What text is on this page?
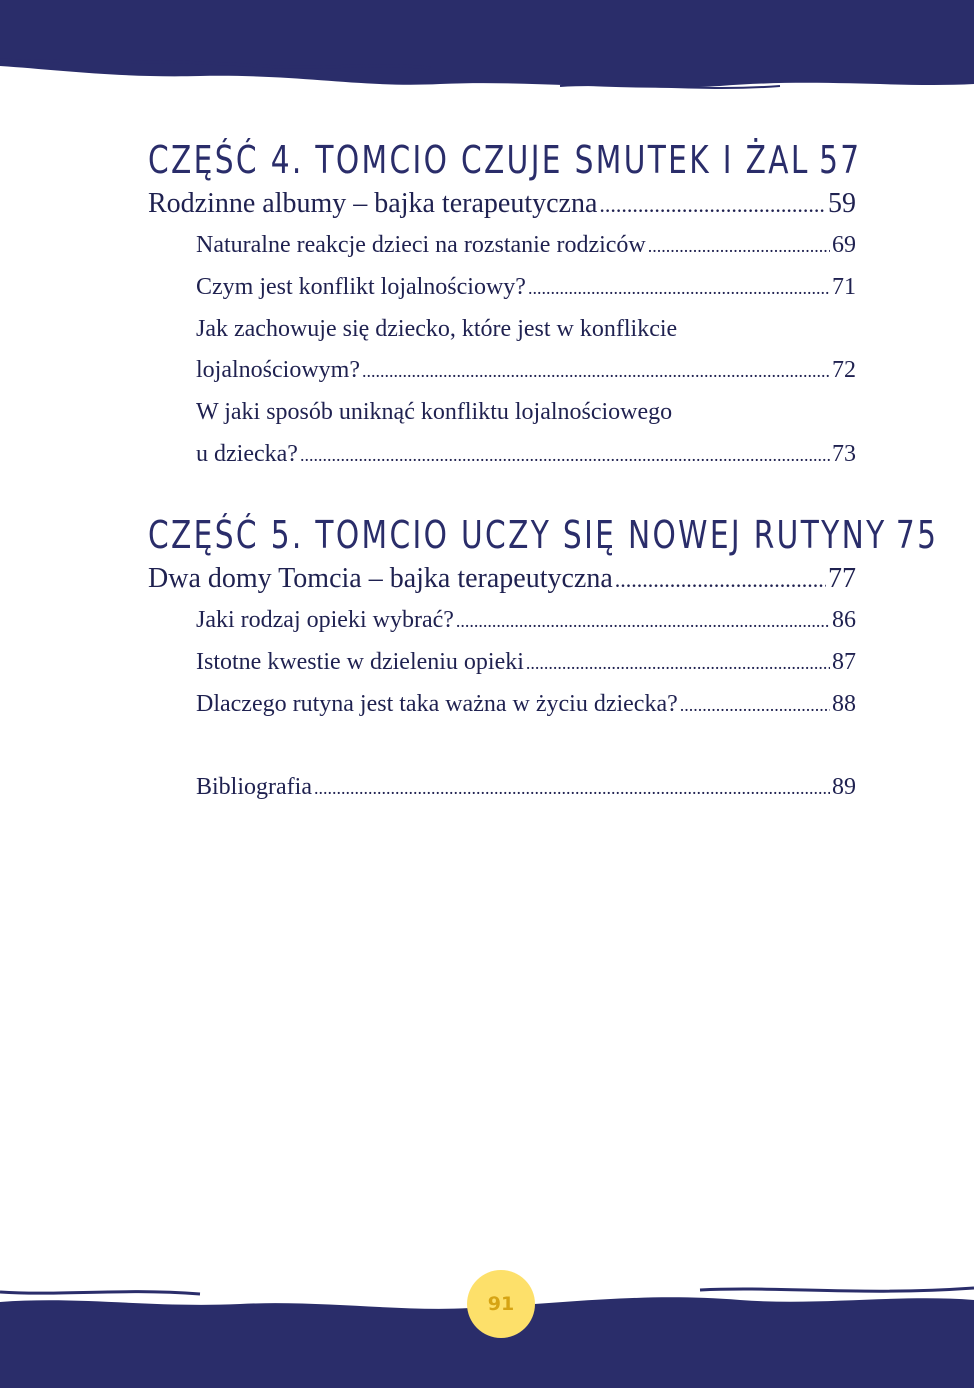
CZĘŚĆ 4. TOMCIO CZUJE SMUTEK I ŻAL 57
Rodzinne albumy – bajka terapeutyczna .....	59
Naturalne reakcje dzieci na rozstanie rodziców .....	69
Czym jest konflikt lojalnościowy? .....	71
Jak zachowuje się dziecko, które jest w konflikcie
lojalnościowym? .....	72
W jaki sposób uniknąć konfliktu lojalnościowego
u dziecka? .....	73
CZĘŚĆ 5. TOMCIO UCZY SIĘ NOWEJ RUTYNY 75
Dwa domy Tomcia – bajka terapeutyczna .....	77
Jaki rodzaj opieki wybrać? .....	86
Istotne kwestie w dzieleniu opieki .....	87
Dlaczego rutyna jest taka ważna w życiu dziecka? .....	88
Bibliografia .....	89
91
